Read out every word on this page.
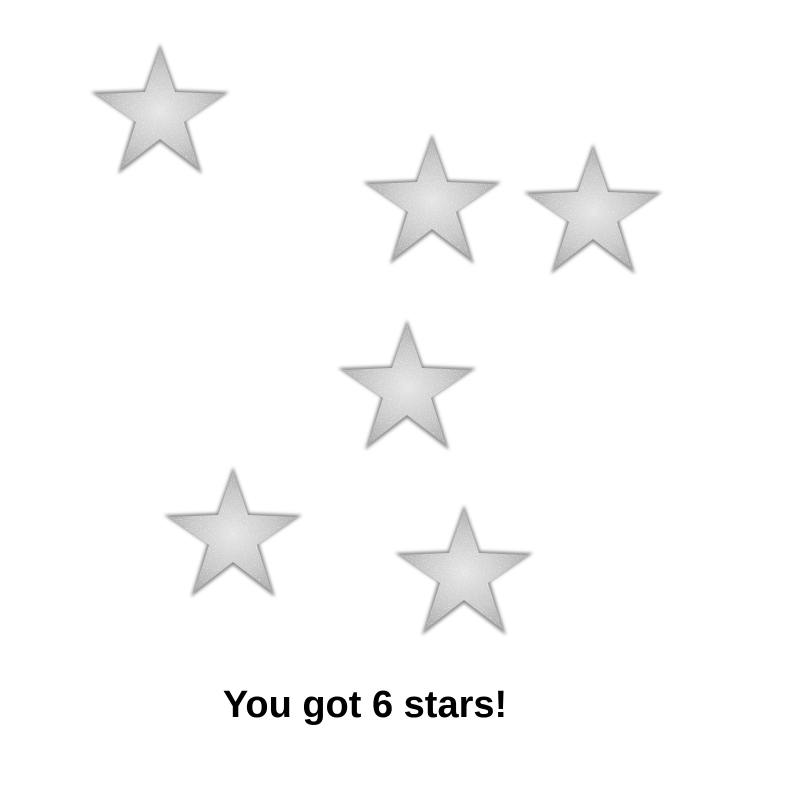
You got 6 stars!
